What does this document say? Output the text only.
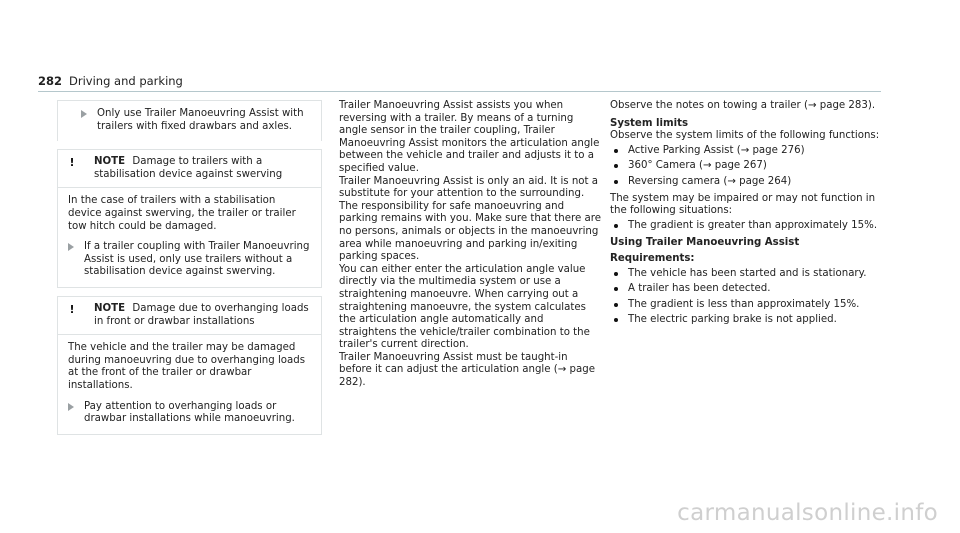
282 Driving and parking
Only use Trailer Manoeuvring Assist with trailers with fixed drawbars and axles.
!	NOTE Damage to trailers with a stabilisation device against swerving

In the case of trailers with a stabilisation device against swerving, the trailer or trailer tow hitch could be damaged.

If a trailer coupling with Trailer Manoeuvring Assist is used, only use trailers without a stabilisation device against swerving.
!	NOTE Damage due to overhanging loads in front or drawbar installations

The vehicle and the trailer may be damaged during manoeuvring due to overhanging loads at the front of the trailer or drawbar installations.

Pay attention to overhanging loads or drawbar installations while manoeuvring.

Trailer Manoeuvring Assist assists you when reversing with a trailer. By means of a turning angle sensor in the trailer coupling, Trailer Manoeuvring Assist monitors the articulation angle between the vehicle and trailer and adjusts it to a specified value.

Trailer Manoeuvring Assist is only an aid. It is not a substitute for your attention to the surrounding. The responsibility for safe manoeuvring and parking remains with you. Make sure that there are no persons, animals or objects in the manoeuvring area while manoeuvring and parking in/exiting parking spaces.

You can either enter the articulation angle value directly via the multimedia system or use a straightening manoeuvre. When carrying out a straightening manoeuvre, the system calculates the articulation angle automatically and straightens the vehicle/trailer combination to the trailer's current direction.

Trailer Manoeuvring Assist must be taught-in before it can adjust the articulation angle (→ page 282).

Observe the notes on towing a trailer (→ page 283).

System limits

Observe the system limits of the following functions:

Active Parking Assist (→ page 276)
360° Camera (→ page 267)
Reversing camera (→ page 264)

The system may be impaired or may not function in the following situations:

The gradient is greater than approximately 15%.
Using Trailer Manoeuvring Assist
Requirements:
The vehicle has been started and is stationary.
A trailer has been detected.
The gradient is less than approximately 15%.
The electric parking brake is not applied.
carmanualsonline.info
